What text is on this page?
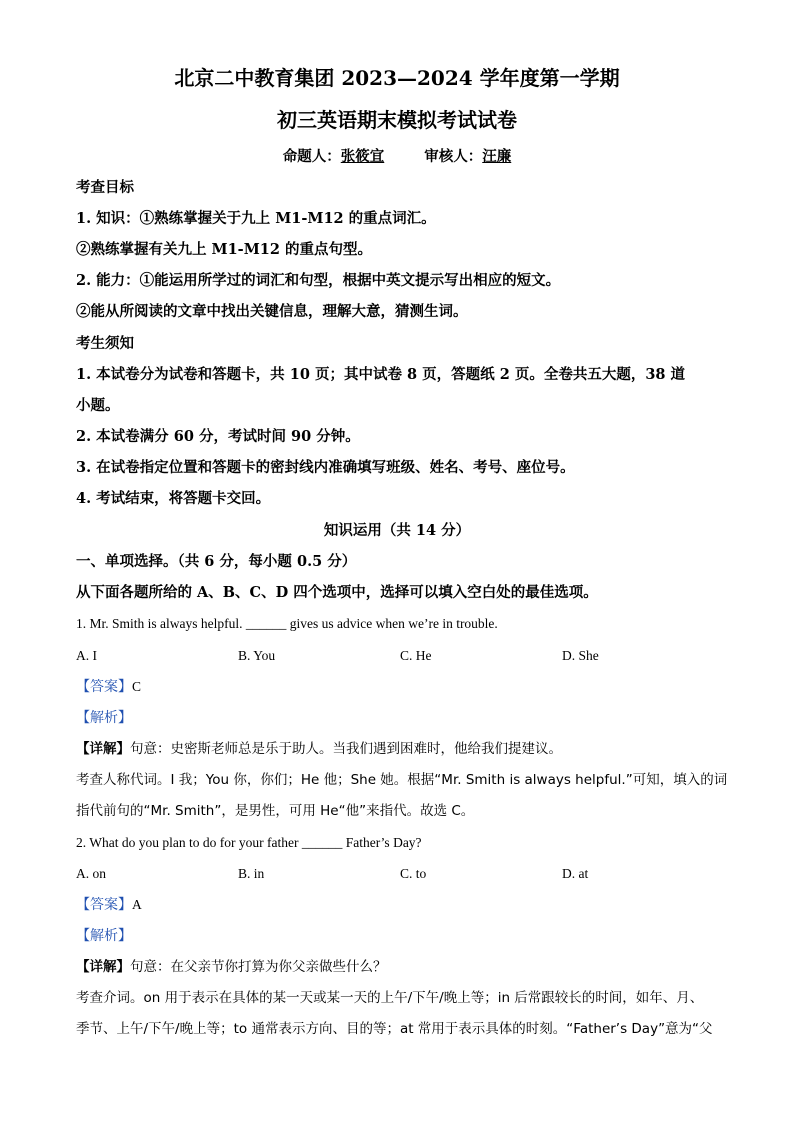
北京二中教育集团 2023—2024 学年度第一学期
初三英语期末模拟考试试卷
命题人：张筱宜	审核人：汪廉
考查目标
1. 知识：①熟练掌握关于九上 M1-M12 的重点词汇。
②熟练掌握有关九上 M1-M12 的重点句型。
2. 能力：①能运用所学过的词汇和句型，根据中英文提示写出相应的短文。
②能从所阅读的文章中找出关键信息，理解大意，猜测生词。
考生须知
1. 本试卷分为试卷和答题卡，共 10 页；其中试卷 8 页，答题纸 2 页。全卷共五大题，38 道
小题。
2. 本试卷满分 60 分，考试时间 90 分钟。
3. 在试卷指定位置和答题卡的密封线内准确填写班级、姓名、考号、座位号。
4. 考试结束，将答题卡交回。
知识运用（共 14 分）
一、单项选择。（共 6 分，每小题 0.5 分）
从下面各题所给的 A、B、C、D 四个选项中，选择可以填入空白处的最佳选项。
1. Mr. Smith is always helpful. ______ gives us advice when we’re in trouble.
A. I	B. You	C. He	D. She
【答案】C
【解析】
【详解】句意：史密斯老师总是乐于助人。当我们遇到困难时，他给我们提建议。
考查人称代词。I 我；You 你，你们；He 他；She 她。根据“Mr. Smith is always helpful.”可知，填入的词
指代前句的“Mr. Smith”，是男性，可用 He“他”来指代。故选 C。
2. What do you plan to do for your father ______ Father’s Day?
A. on	B. in	C. to	D. at
【答案】A
【解析】
【详解】句意：在父亲节你打算为你父亲做些什么？
考查介词。on 用于表示在具体的某一天或某一天的上午/下午/晚上等；in 后常跟较长的时间，如年、月、
季节、上午/下午/晚上等；to 通常表示方向、目的等；at 常用于表示具体的时刻。“Father’s Day”意为“父
